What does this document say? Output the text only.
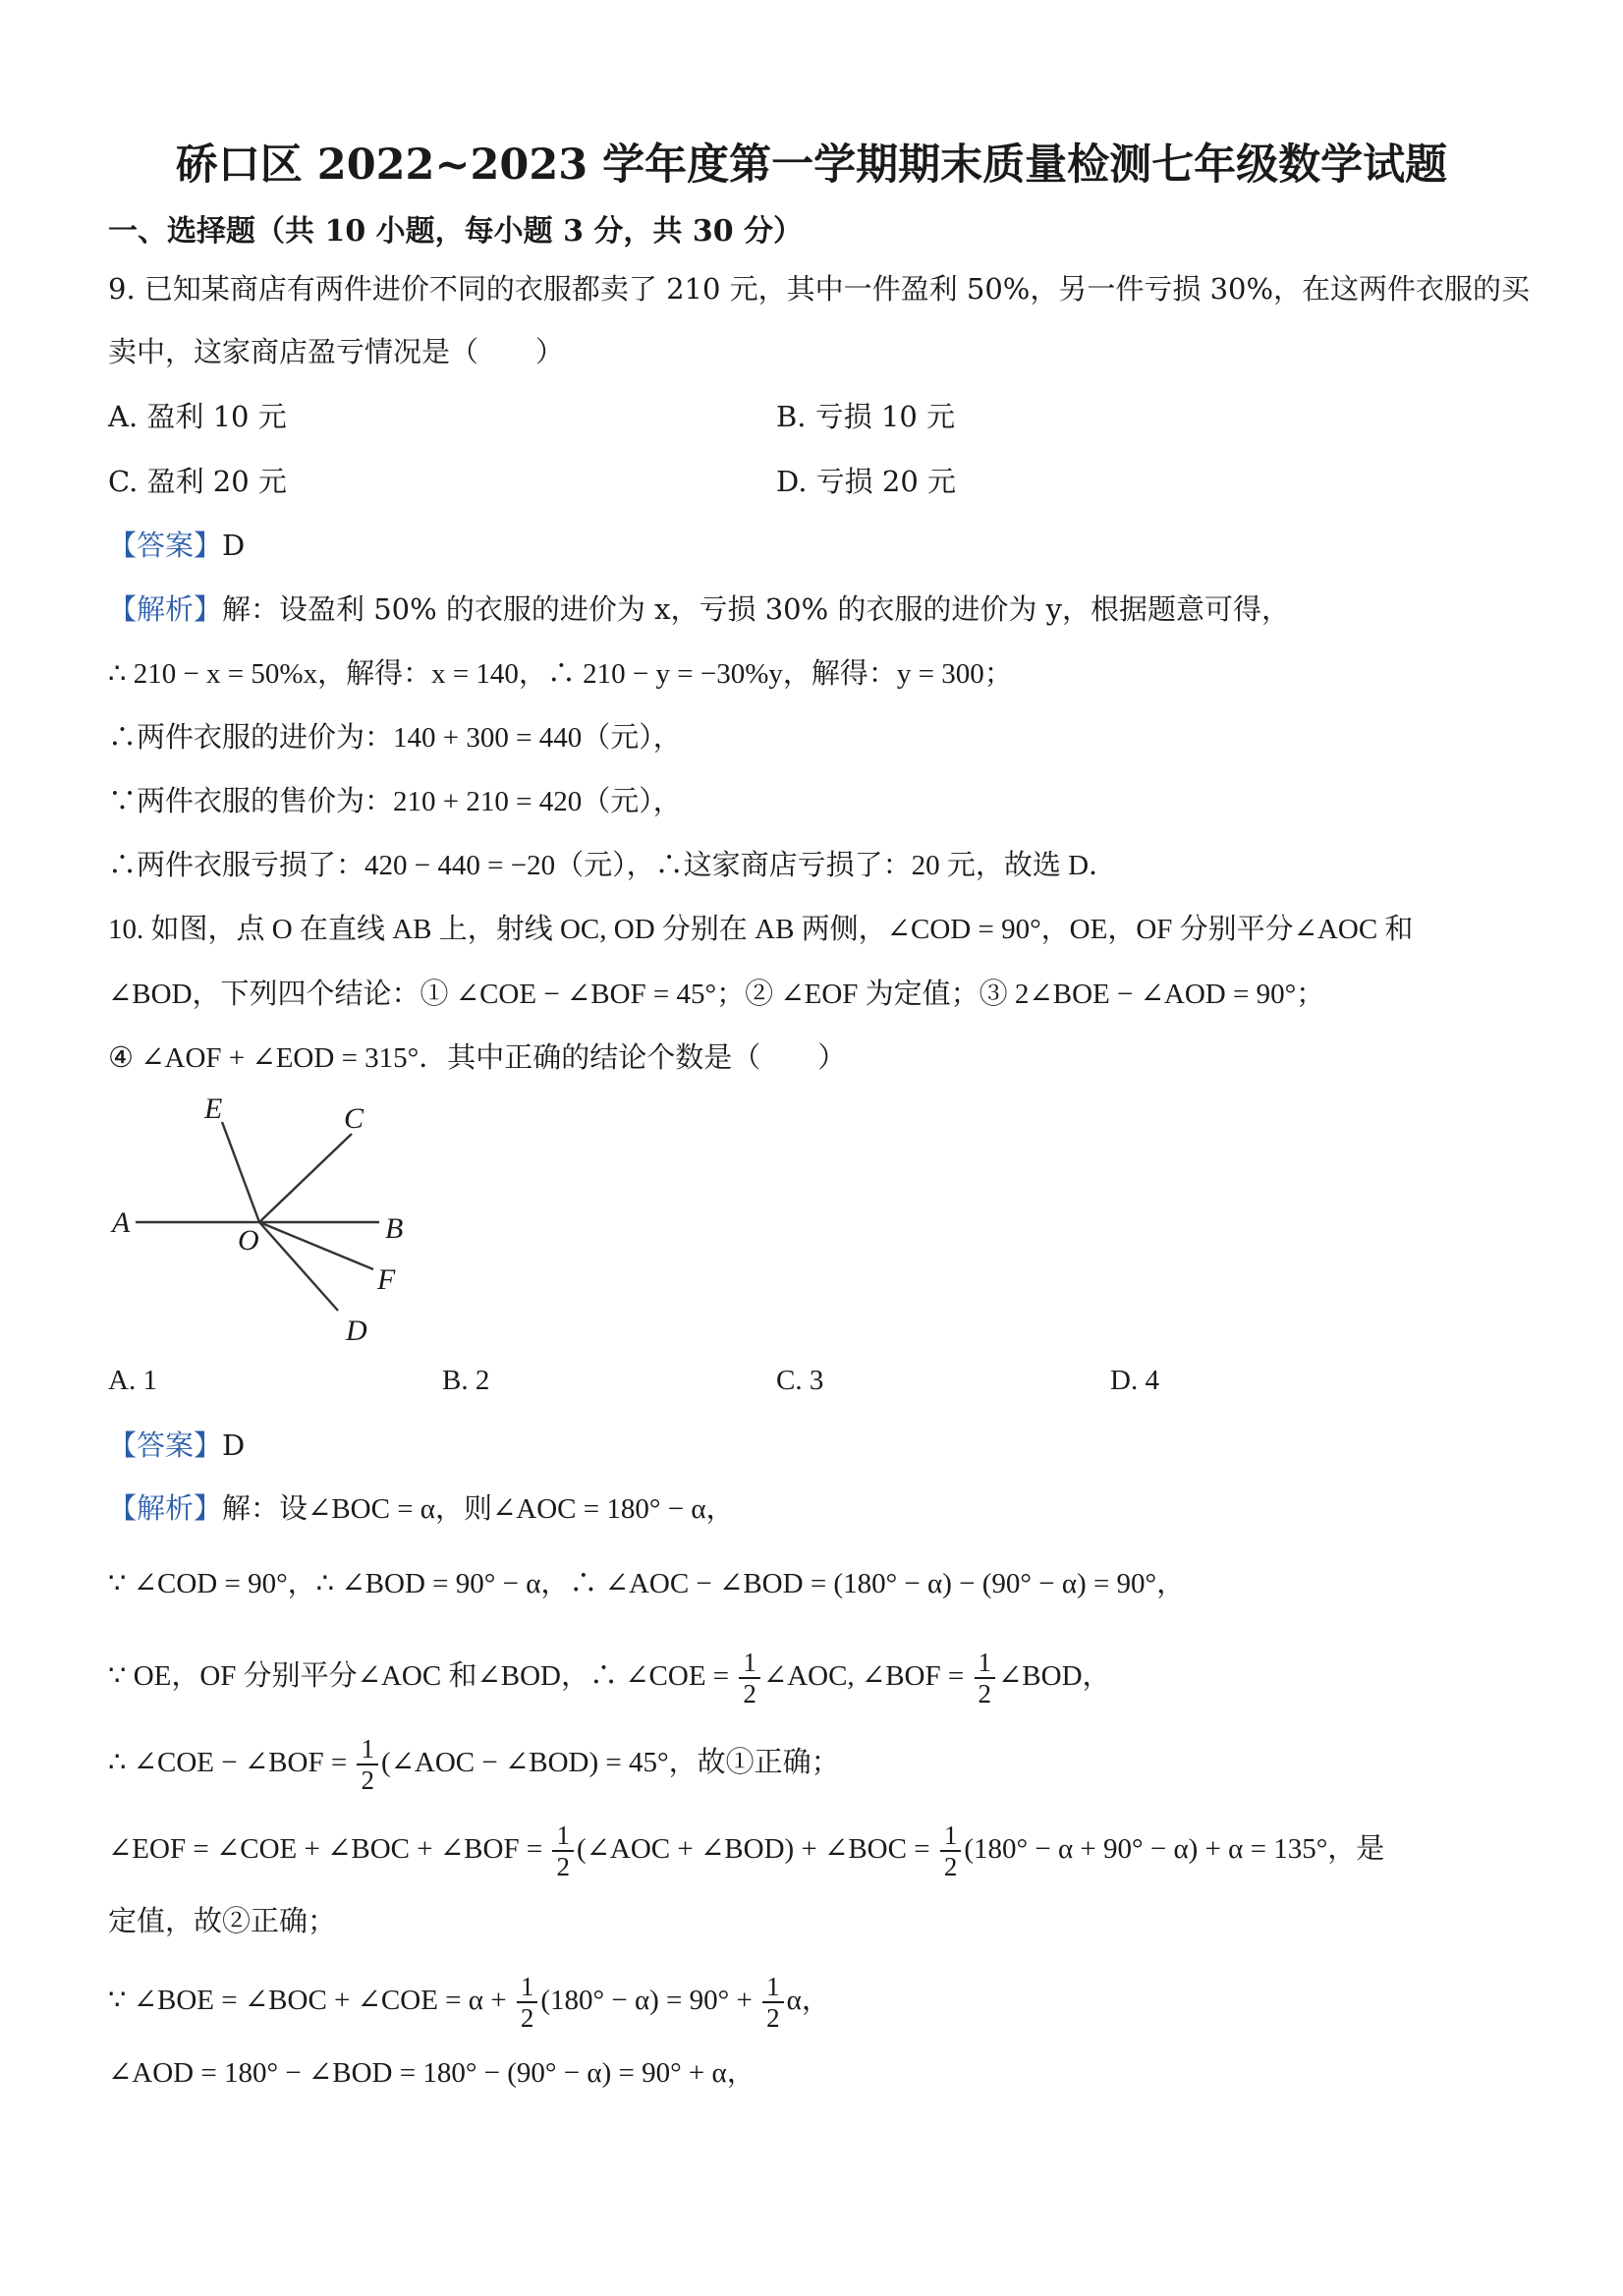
硚口区 2022~2023 学年度第一学期期末质量检测七年级数学试题
一、选择题（共 10 小题，每小题 3 分，共 30 分）
9. 已知某商店有两件进价不同的衣服都卖了 210 元，其中一件盈利 50%，另一件亏损 30%，在这两件衣服的买
卖中，这家商店盈亏情况是（　　）
A. 盈利 10 元	B. 亏损 10 元
C. 盈利 20 元	D. 亏损 20 元
【答案】D
【解析】解：设盈利 50% 的衣服的进价为 x，亏损 30% 的衣服的进价为 y，根据题意可得，
∴ 210 − x = 50%x，解得：x = 140，∴ 210 − y = −30%y，解得：y = 300；
∴两件衣服的进价为：140 + 300 = 440（元），
∵两件衣服的售价为：210 + 210 = 420（元），
∴两件衣服亏损了：420 − 440 = −20（元），∴这家商店亏损了：20 元，故选 D．
10. 如图，点 O 在直线 AB 上，射线 OC, OD 分别在 AB 两侧，∠COD = 90°，OE，OF 分别平分∠AOC 和
∠BOD，下列四个结论：① ∠COE − ∠BOF = 45°；② ∠EOF 为定值；③ 2∠BOE − ∠AOD = 90°；
④ ∠AOF + ∠EOD = 315°．其中正确的结论个数是（　　）
A	B
C
D
E
F
O
A. 1	B. 2	C. 3	D. 4
【答案】D
【解析】解：设∠BOC = α，则∠AOC = 180° − α，
∵ ∠COD = 90°，∴ ∠BOD = 90° − α，∴ ∠AOC − ∠BOD = (180° − α) − (90° − α) = 90°，
∵ OE，OF 分别平分∠AOC 和∠BOD，∴ ∠COE = $\frac{1}{2}$ ∠AOC, ∠BOF = $\frac{1}{2}$ ∠BOD，
∴ ∠COE − ∠BOF = $\frac{1}{2}$ (∠AOC − ∠BOD) = 45°，故①正确；
∠EOF = ∠COE + ∠BOC + ∠BOF = $\frac{1}{2}$ (∠AOC + ∠BOD) + ∠BOC = $\frac{1}{2} (180^\circ - \alpha + 90^\circ - \alpha) + \alpha = 135^\circ$，是
定值，故②正确；
∵ ∠BOE = ∠BOC + ∠COE = $\alpha + \frac{1}{2} (180^\circ - \alpha) = 90^\circ + \frac{1}{2}$ α，
∠AOD = 180° − ∠BOD = 180° − (90° − α) = 90° + α，
